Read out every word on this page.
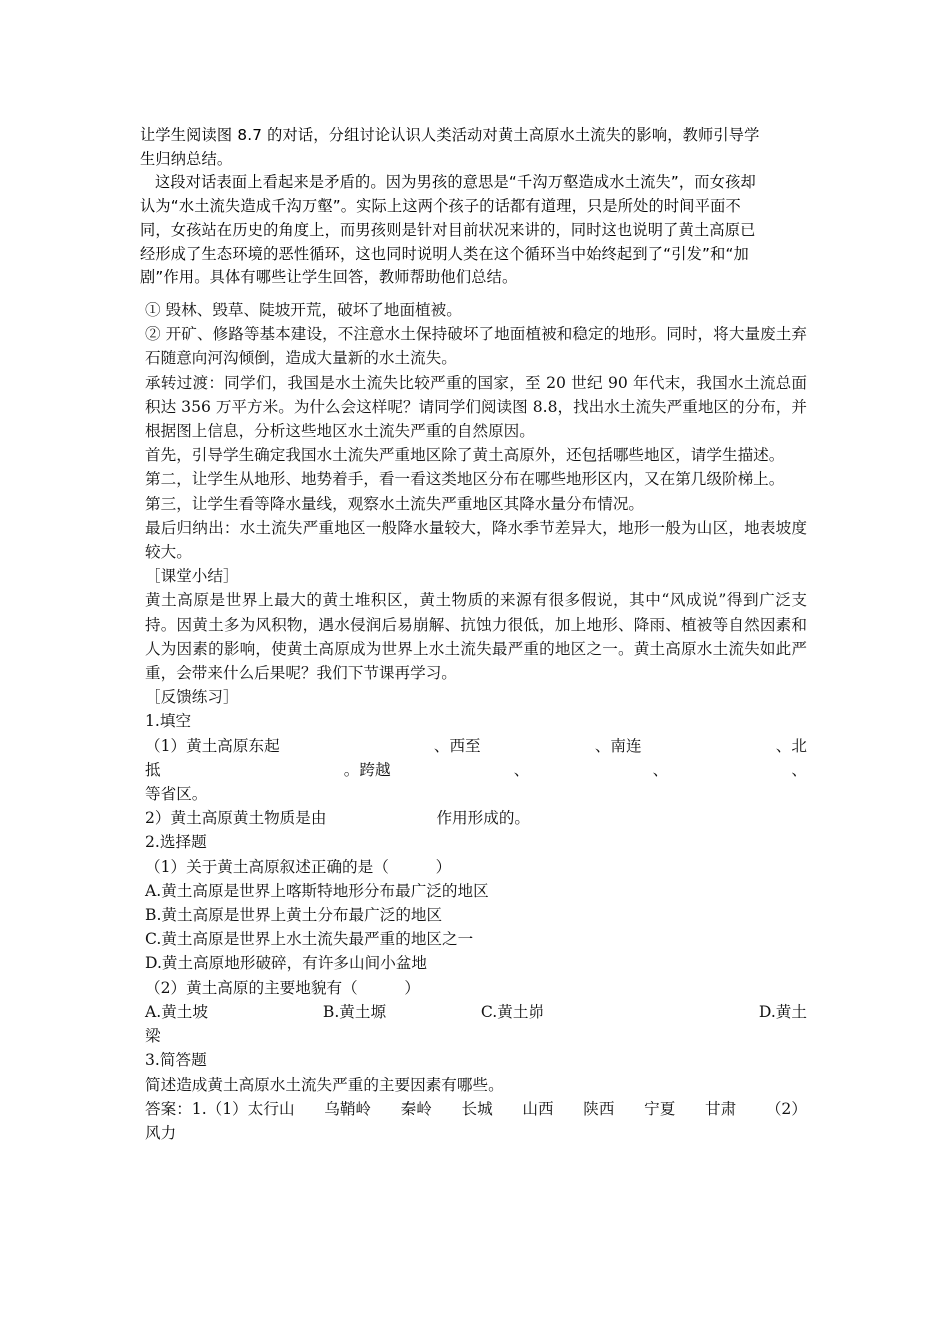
让学生阅读图 8.7 的对话，分组讨论认识人类活动对黄土高原水土流失的影响，教师引导学

生归纳总结。

这段对话表面上看起来是矛盾的。因为男孩的意思是“千沟万壑造成水土流失”，而女孩却

认为“水土流失造成千沟万壑”。实际上这两个孩子的话都有道理，只是所处的时间平面不

同，女孩站在历史的角度上，而男孩则是针对目前状况来讲的，同时这也说明了黄土高原已

经形成了生态环境的恶性循环，这也同时说明人类在这个循环当中始终起到了“引发”和“加

剧”作用。具体有哪些让学生回答，教师帮助他们总结。

① 毁林、毁草、陡坡开荒，破坏了地面植被。

② 开矿、修路等基本建设，不注意水土保持破坏了地面植被和稳定的地形。同时，将大量废土弃石随意向河沟倾倒，造成大量新的水土流失。

承转过渡：同学们，我国是水土流失比较严重的国家，至 20 世纪 90 年代末，我国水土流总面积达 356 万平方米。为什么会这样呢？请同学们阅读图 8.8，找出水土流失严重地区的分布，并根据图上信息，分析这些地区水土流失严重的自然原因。

首先，引导学生确定我国水土流失严重地区除了黄土高原外，还包括哪些地区，请学生描述。

第二，让学生从地形、地势着手，看一看这类地区分布在哪些地形区内，又在第几级阶梯上。

第三，让学生看等降水量线，观察水土流失严重地区其降水量分布情况。

最后归纳出：水土流失严重地区一般降水量较大，降水季节差异大，地形一般为山区，地表坡度较大。

［课堂小结］

黄土高原是世界上最大的黄土堆积区，黄土物质的来源有很多假说，其中“风成说”得到广泛支持。因黄土多为风积物，遇水侵润后易崩解、抗蚀力很低，加上地形、降雨、植被等自然因素和人为因素的影响，使黄土高原成为世界上水土流失最严重的地区之一。黄土高原水土流失如此严重，会带来什么后果呢？我们下节课再学习。

［反馈练习］

1.填空

（1）黄土高原东起	、西至	、南连	、北
抵	。跨越	、	、	、

等省区。

2）黄土高原黄土物质是由	作用形成的。

2.选择题

（1）关于黄土高原叙述正确的是（　　　）

A.黄土高原是世界上喀斯特地形分布最广泛的地区

B.黄土高原是世界上黄土分布最广泛的地区

C.黄土高原是世界上水土流失最严重的地区之一

D.黄土高原地形破碎，有许多山间小盆地

（2）黄土高原的主要地貌有（　　　）

A.黄土坡	B.黄土塬	C.黄土峁	D.黄土

梁

3.简答题

简述造成黄土高原水土流失严重的主要因素有哪些。

答案：1.（1）太行山 乌鞘岭 秦岭 长城 山西 陕西 宁夏 甘肃 （2）

风力
